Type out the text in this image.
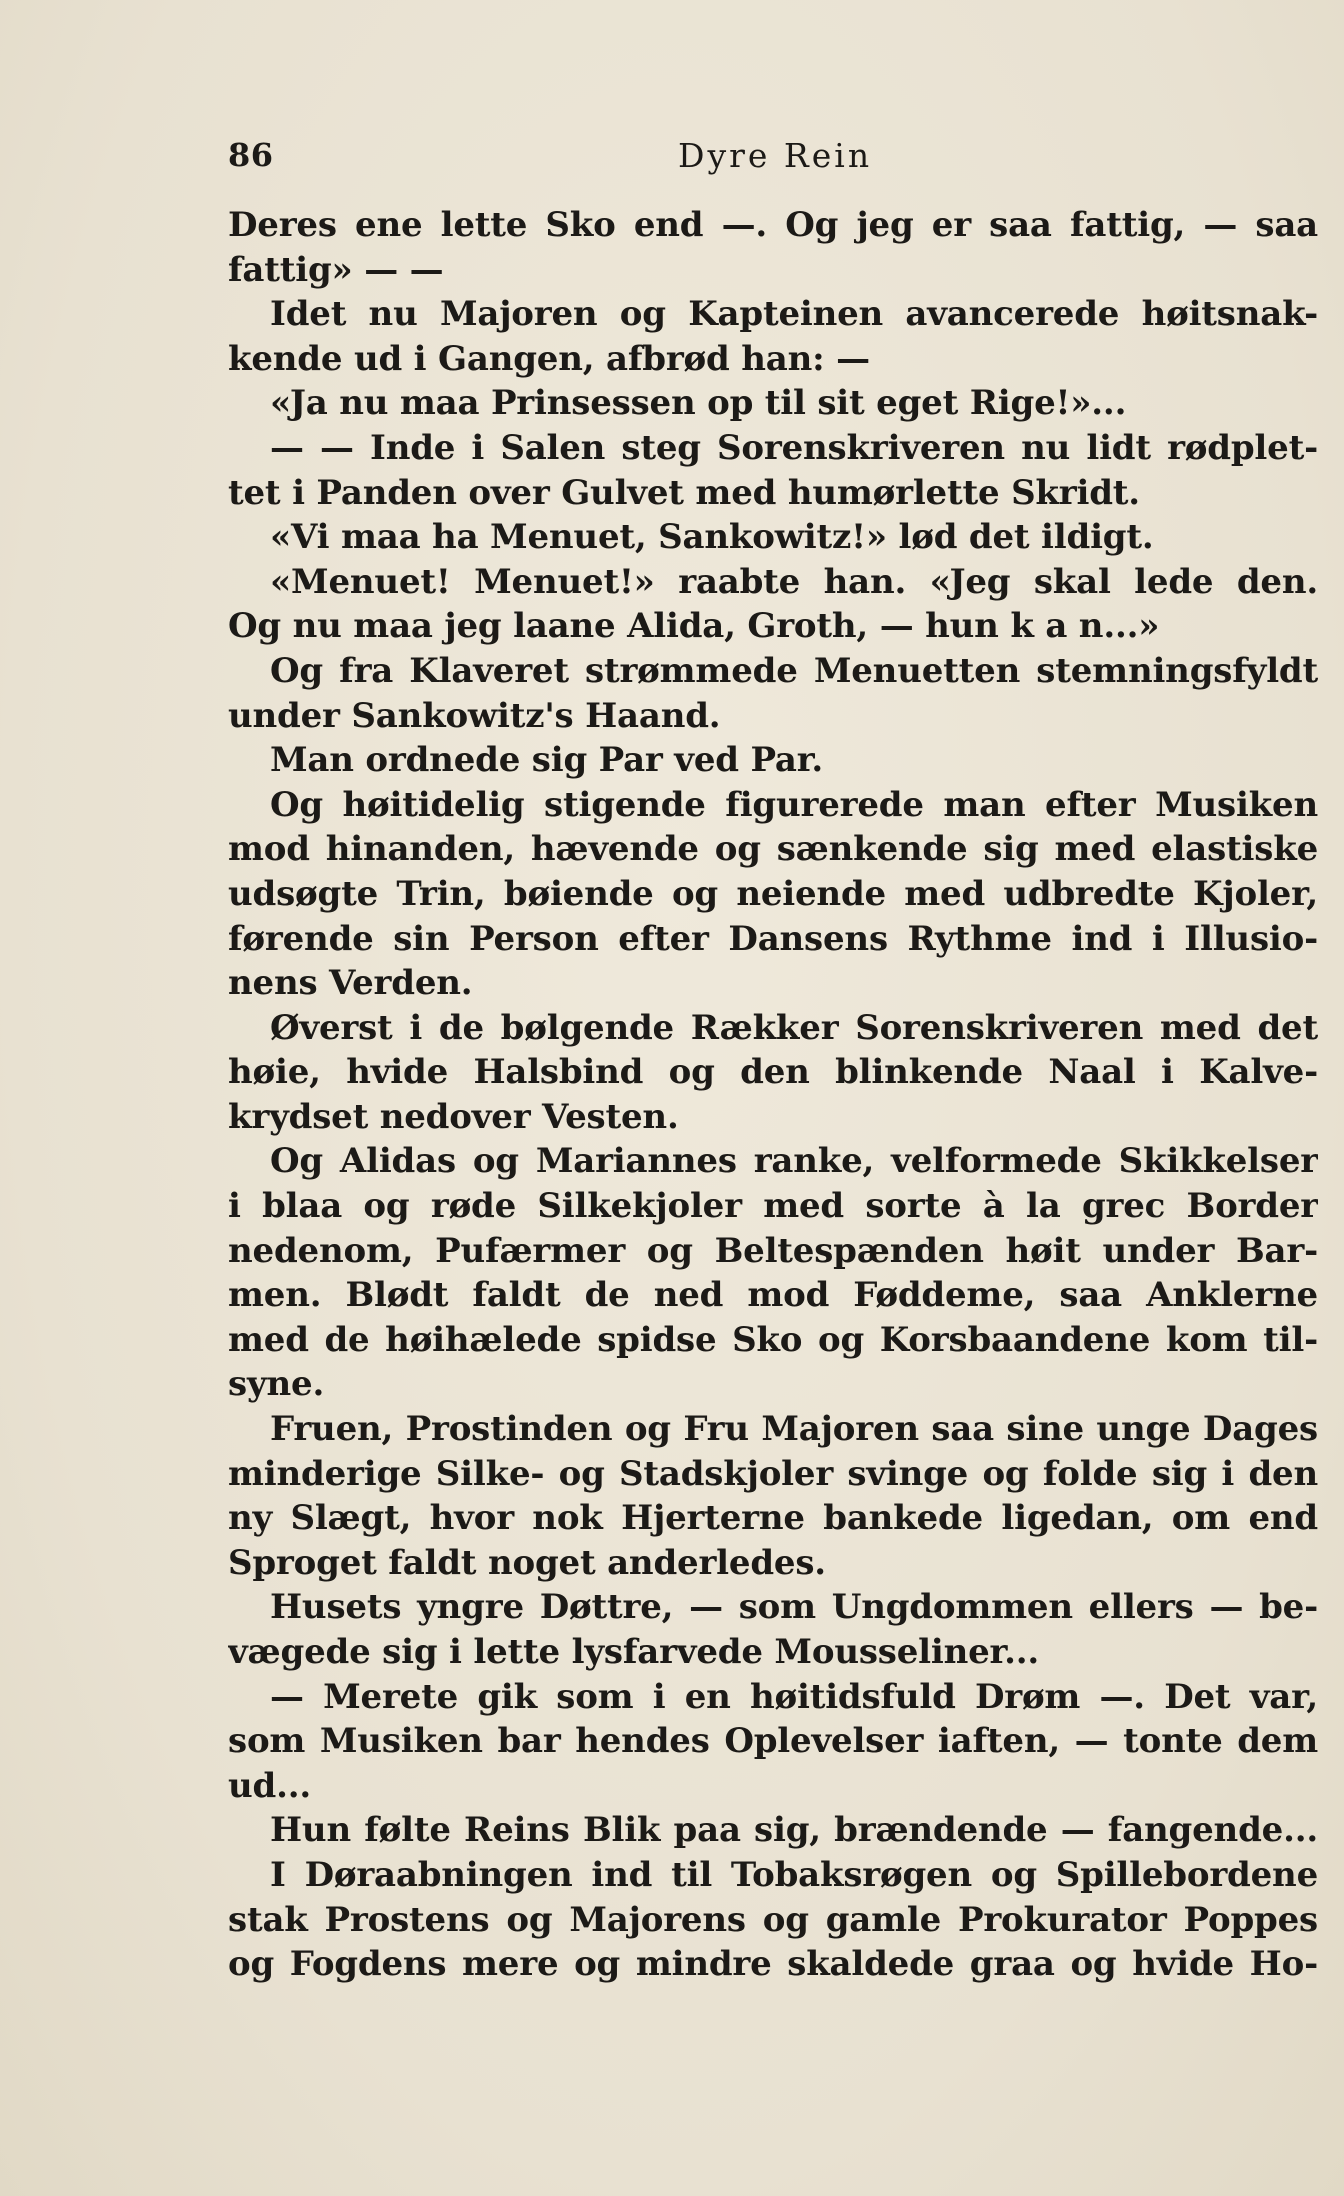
86	Dyre Rein
Deres ene lette Sko end —. Og jeg er saa fattig, — saa
fattig» — —
Idet nu Majoren og Kapteinen avancerede høitsnak-
kende ud i Gangen, afbrød han: —
«Ja nu maa Prinsessen op til sit eget Rige!»...
— — Inde i Salen steg Sorenskriveren nu lidt rødplet-
tet i Panden over Gulvet med humørlette Skridt.
«Vi maa ha Menuet, Sankowitz!» lød det ildigt.
«Menuet! Menuet!» raabte han. «Jeg skal lede den.
Og nu maa jeg laane Alida, Groth, — hun k a n...»
Og fra Klaveret strømmede Menuetten stemningsfyldt
under Sankowitz's Haand.
Man ordnede sig Par ved Par.
Og høitidelig stigende figurerede man efter Musiken
mod hinanden, hævende og sænkende sig med elastiske
udsøgte Trin, bøiende og neiende med udbredte Kjoler,
førende sin Person efter Dansens Rythme ind i Illusio-
nens Verden.
Øverst i de bølgende Rækker Sorenskriveren med det
høie, hvide Halsbind og den blinkende Naal i Kalve-
krydset nedover Vesten.
Og Alidas og Mariannes ranke, velformede Skikkelser
i blaa og røde Silkekjoler med sorte à la grec Border
nedenom, Pufærmer og Beltespænden høit under Bar-
men. Blødt faldt de ned mod Føddeme, saa Anklerne
med de høihælede spidse Sko og Korsbaandene kom til-
syne.
Fruen, Prostinden og Fru Majoren saa sine unge Dages
minderige Silke- og Stadskjoler svinge og folde sig i den
ny Slægt, hvor nok Hjerterne bankede ligedan, om end
Sproget faldt noget anderledes.
Husets yngre Døttre, — som Ungdommen ellers — be-
vægede sig i lette lysfarvede Mousseliner...
— Merete gik som i en høitidsfuld Drøm —. Det var,
som Musiken bar hendes Oplevelser iaften, — tonte dem
ud...
Hun følte Reins Blik paa sig, brændende — fangende...
I Døraabningen ind til Tobaksrøgen og Spillebordene
stak Prostens og Majorens og gamle Prokurator Poppes
og Fogdens mere og mindre skaldede graa og hvide Ho-
